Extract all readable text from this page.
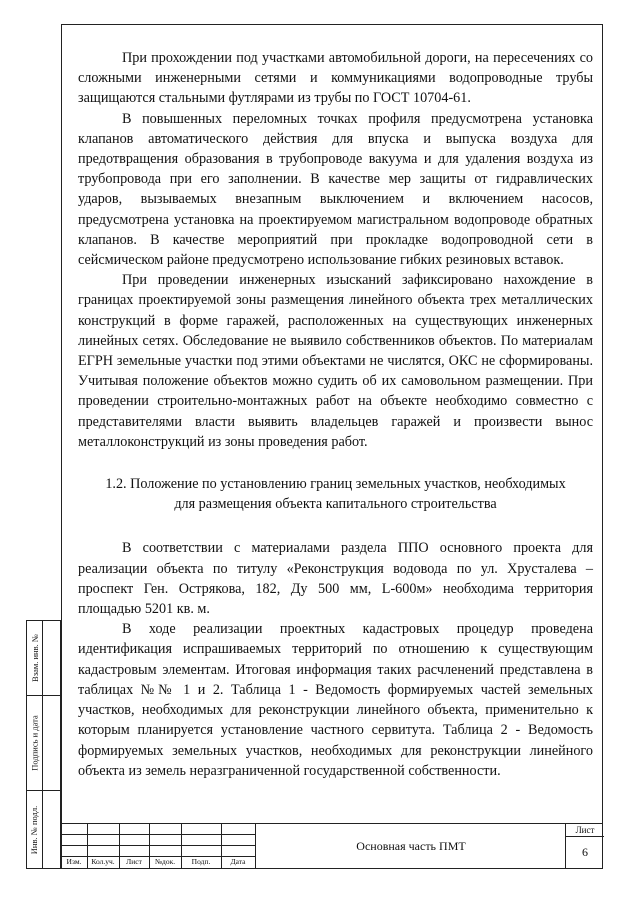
При прохождении под участками автомобильной дороги, на пересечениях со сложными инженерными сетями и коммуникациями водопроводные трубы защищаются стальными футлярами из трубы по ГОСТ 10704-61.

В повышенных переломных точках профиля предусмотрена установка клапанов автоматического действия для впуска и выпуска воздуха для предотвращения образования в трубопроводе вакуума и для удаления воздуха из трубопровода при его заполнении. В качестве мер защиты от гидравлических ударов, вызываемых внезапным выключением и включением насосов, предусмотрена установка на проектируемом магистральном водопроводе обратных клапанов. В качестве мероприятий при прокладке водопроводной сети в сейсмическом районе предусмотрено использование гибких резиновых вставок.

При проведении инженерных изысканий зафиксировано нахождение в границах проектируемой зоны размещения линейного объекта трех металлических конструкций в форме гаражей, расположенных на существующих инженерных линейных сетях. Обследование не выявило собственников объектов. По материалам ЕГРН земельные участки под этими объектами не числятся, ОКС не сформированы. Учитывая положение объектов можно судить об их самовольном размещении. При проведении строительно-монтажных работ на объекте необходимо совместно с представителями власти выявить владельцев гаражей и произвести вынос металлоконструкций из зоны проведения работ.

1.2. Положение по установлению границ земельных участков, необходимых
для размещения объекта капитального строительства

В соответствии с материалами раздела ППО основного проекта для реализации объекта по титулу «Реконструкция водовода по ул. Хрусталева – проспект Ген. Острякова, 182, Ду 500 мм, L-600м» необходима территория площадью 5201 кв. м.

В ходе реализации проектных кадастровых процедур проведена идентификация испрашиваемых территорий по отношению к существующим кадастровым элементам. Итоговая информация таких расчленений представлена в таблицах №№ 1 и 2. Таблица 1 - Ведомость формируемых частей земельных участков, необходимых для реконструкции линейного объекта, применительно к которым планируется установление частного сервитута. Таблица 2 - Ведомость формируемых земельных участков, необходимых для реконструкции линейного объекта из земель неразграниченной государственной собственности.

Взам. инв. №
Подпись и дата
Инв. № подл.
Изм.	Кол.уч.	Лист	№док.	Подп.	Дата
Основная часть ПМТ
Лист
6
